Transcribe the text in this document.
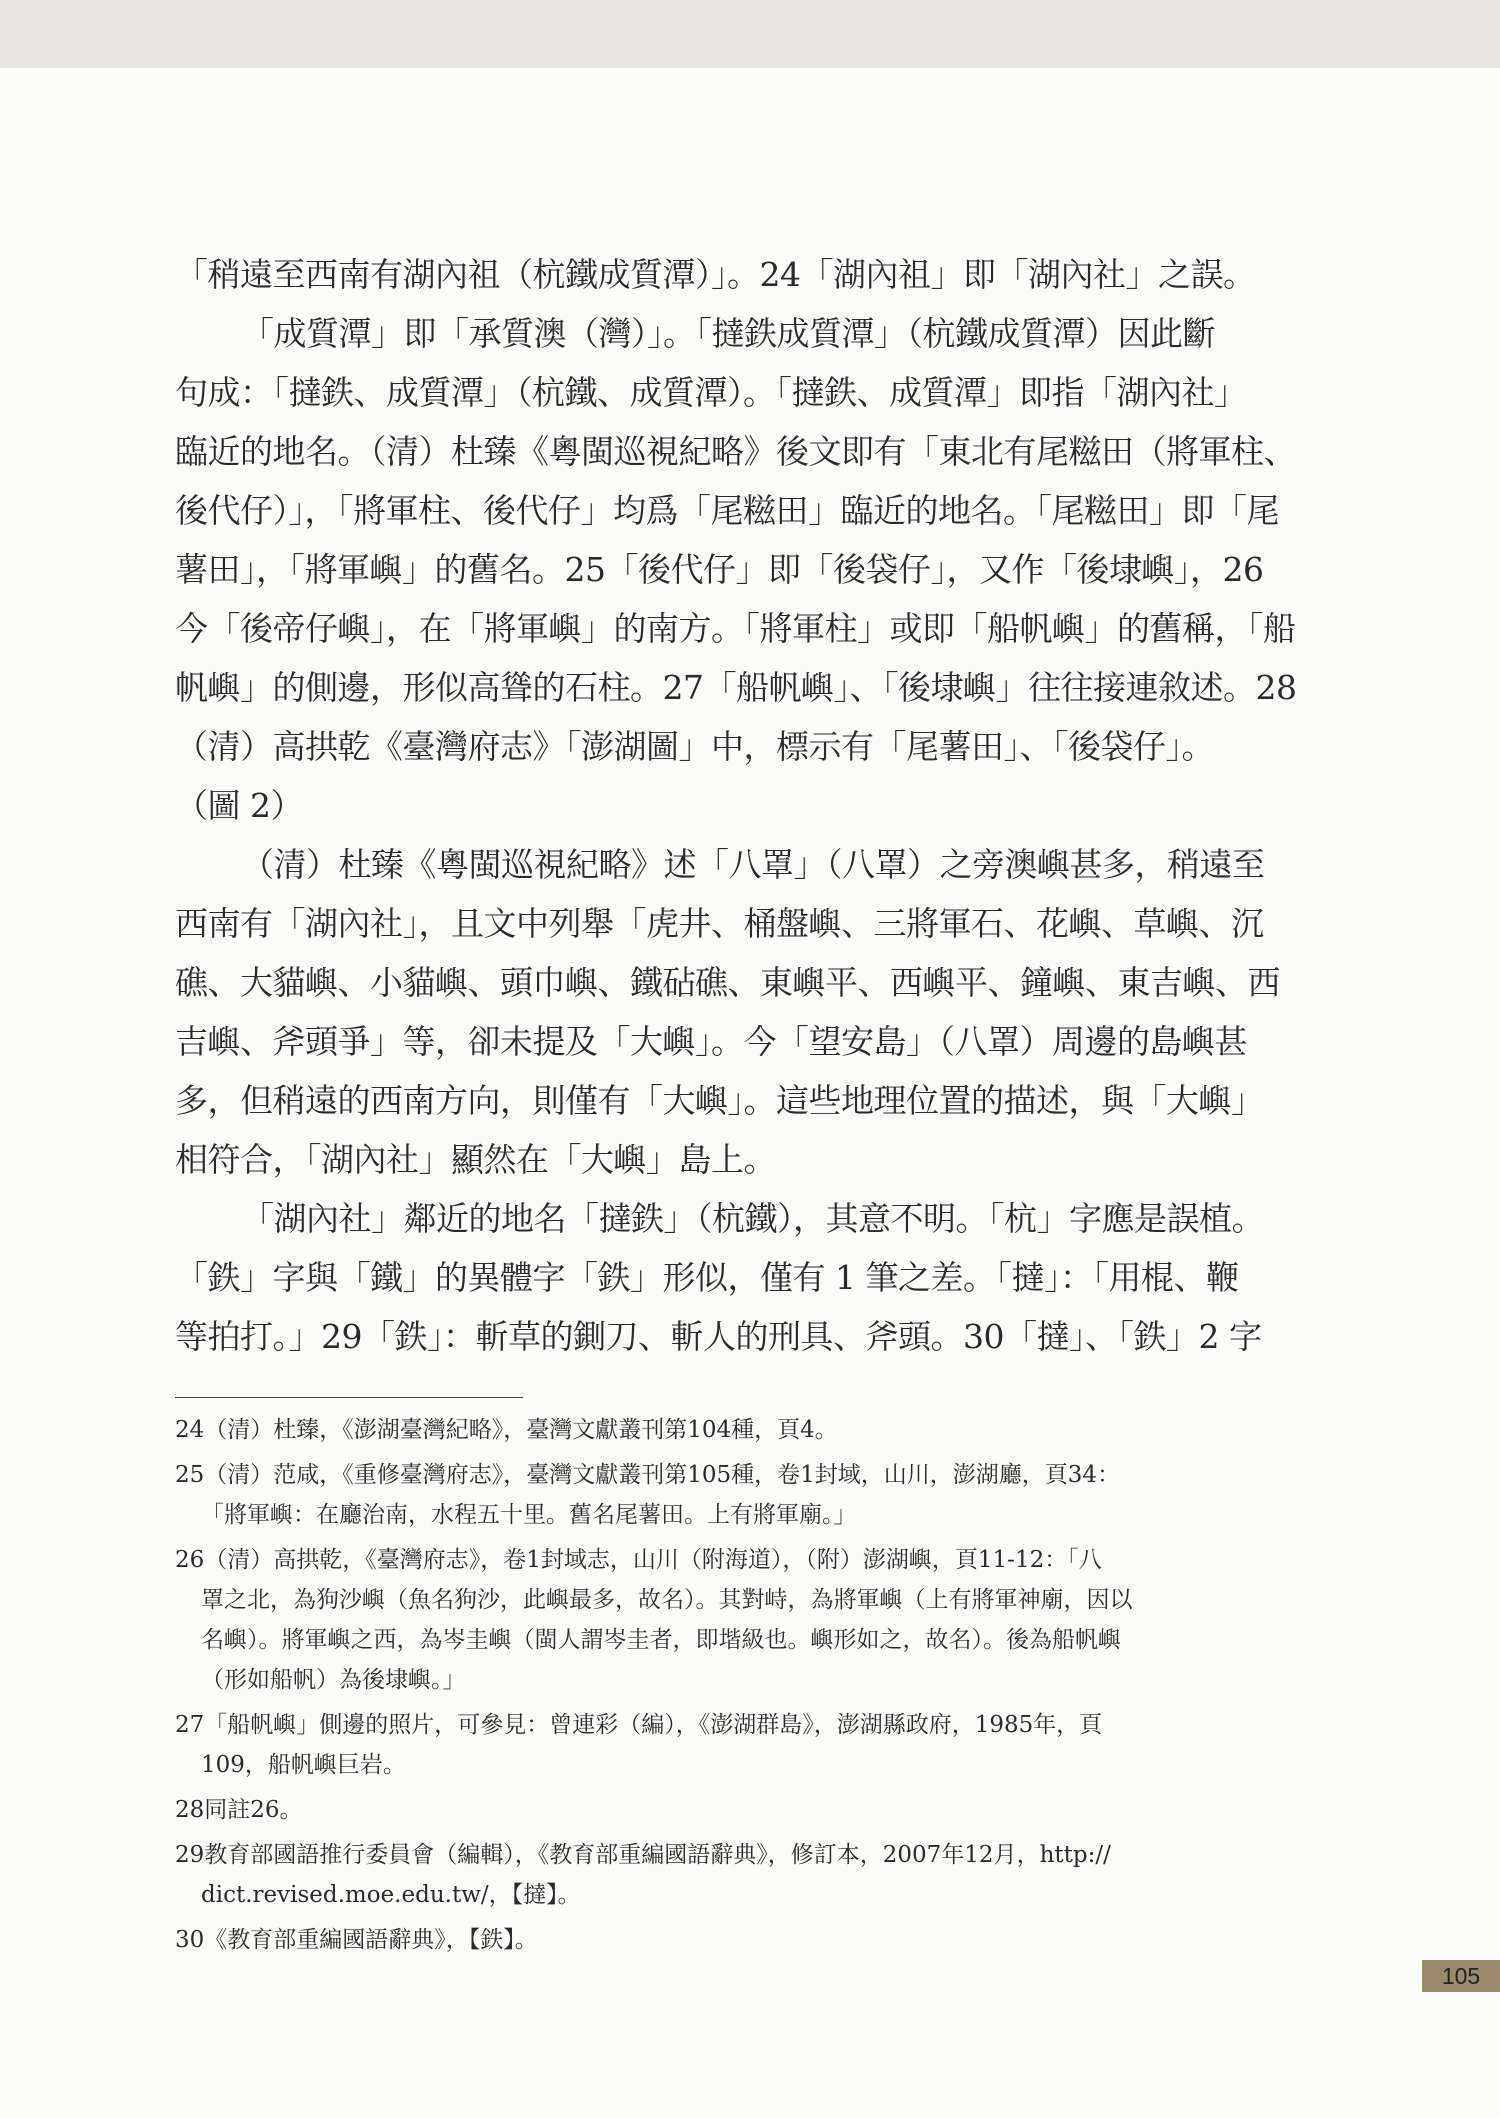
「稍遠至西南有湖內祖（杭鐵成質潭）」。24「湖內祖」即「湖內社」之誤。

「成質潭」即「承質澳（灣）」。「撻鉄成質潭」（杭鐵成質潭）因此斷

句成：「撻鉄、成質潭」（杭鐵、成質潭）。「撻鉄、成質潭」即指「湖內社」

臨近的地名。（清）杜臻《粵閩巡視紀略》後文即有「東北有尾糍田（將軍柱、

後代仔）」，「將軍柱、後代仔」均爲「尾糍田」臨近的地名。「尾糍田」即「尾

薯田」，「將軍嶼」的舊名。25「後代仔」即「後袋仔」，又作「後埭嶼」，26

今「後帝仔嶼」，在「將軍嶼」的南方。「將軍柱」或即「船帆嶼」的舊稱，「船

帆嶼」的側邊，形似高聳的石柱。27「船帆嶼」、「後埭嶼」往往接連敘述。28

（清）高拱乾《臺灣府志》「澎湖圖」中，標示有「尾薯田」、「後袋仔」。

（圖 2）

（清）杜臻《粵閩巡視紀略》述「八罩」（八罩）之旁澳嶼甚多，稍遠至

西南有「湖內社」，且文中列舉「虎井、桶盤嶼、三將軍石、花嶼、草嶼、沉

礁、大貓嶼、小貓嶼、頭巾嶼、鐵砧礁、東嶼平、西嶼平、鐘嶼、東吉嶼、西

吉嶼、斧頭爭」等，卻未提及「大嶼」。今「望安島」（八罩）周邊的島嶼甚

多，但稍遠的西南方向，則僅有「大嶼」。這些地理位置的描述，與「大嶼」

相符合，「湖內社」顯然在「大嶼」島上。

「湖內社」鄰近的地名「撻鉄」（杭鐵），其意不明。「杭」字應是誤植。

「鉄」字與「鐵」的異體字「鉄」形似，僅有 1 筆之差。「撻」：「用棍、鞭

等拍打。」29「鉄」：斬草的鍘刀、斬人的刑具、斧頭。30「撻」、「鉄」2 字

24（清）杜臻，《澎湖臺灣紀略》，臺灣文獻叢刊第104種，頁4。

25（清）范咸，《重修臺灣府志》，臺灣文獻叢刊第105種，卷1封域，山川，澎湖廳，頁34：

「將軍嶼：在廳治南，水程五十里。舊名尾薯田。上有將軍廟。」

26（清）高拱乾，《臺灣府志》，卷1封域志，山川（附海道），（附）澎湖嶼，頁11-12：「八

罩之北，為狗沙嶼（魚名狗沙，此嶼最多，故名）。其對峙，為將軍嶼（上有將軍神廟，因以

名嶼）。將軍嶼之西，為岑圭嶼（閩人謂岑圭者，即堦級也。嶼形如之，故名）。後為船帆嶼

（形如船帆）為後埭嶼。」

27「船帆嶼」側邊的照片，可參見：曾連彩（編），《澎湖群島》，澎湖縣政府，1985年，頁

109，船帆嶼巨岩。

28同註26。

29教育部國語推行委員會（編輯），《教育部重編國語辭典》，修訂本，2007年12月，http://

dict.revised.moe.edu.tw/，【撻】。

30《教育部重編國語辭典》，【鉄】。

105
